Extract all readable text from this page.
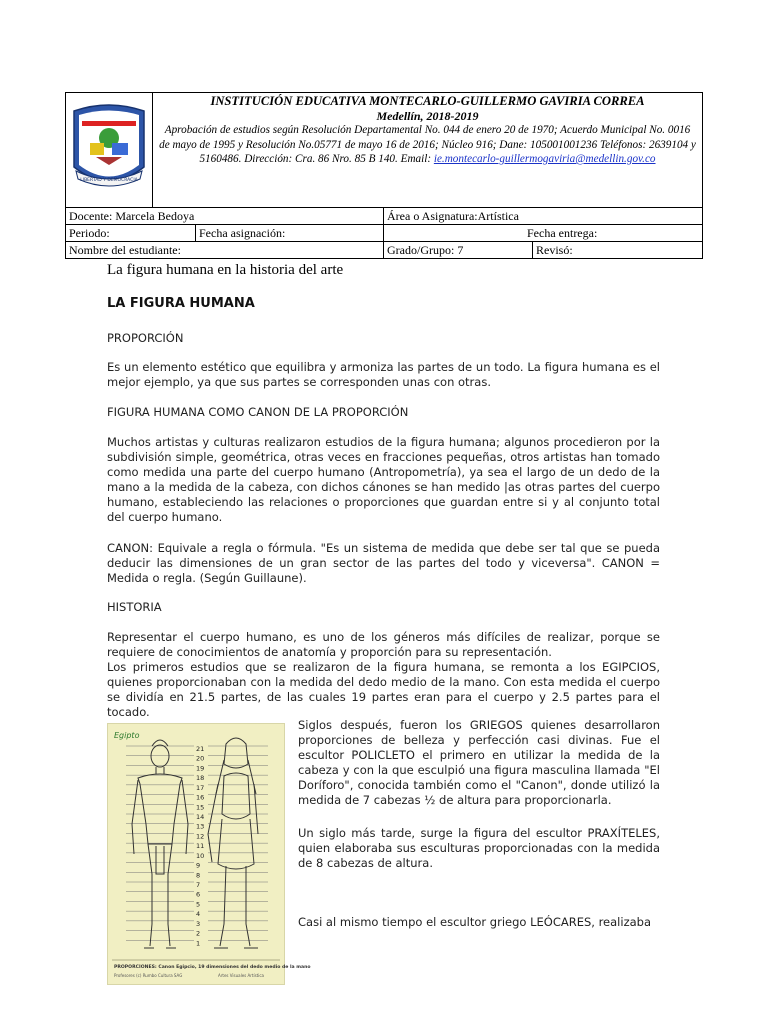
LIBERTAD Y DEMOCRACIA
INSTITUCIÓN EDUCATIVA MONTECARLO-GUILLERMO GAVIRIA CORREA
Medellín, 2018-2019
Aprobación de estudios según Resolución Departamental No. 044 de enero 20 de 1970; Acuerdo Municipal No. 0016 de mayo de 1995 y Resolución No.05771 de mayo 16 de 2016; Núcleo 916; Dane: 105001001236 Teléfonos: 2639104 y 5160486. Dirección: Cra. 86 Nro. 85 B 140. Email: ie.montecarlo-guillermogaviria@medellin.gov.co
Docente: Marcela Bedoya		Área o Asignatura:Artística	
Periodo:	Fecha asignación:	Fecha entrega:	
Nombre del estudiante:		Grado/Grupo: 7	Revisó:
La figura humana en la historia del arte
LA FIGURA HUMANA
PROPORCIÓN

Es un elemento estético que equilibra y armoniza las partes de un todo. La figura humana es el mejor ejemplo, ya que sus partes se corresponden unas con otras.

FIGURA HUMANA COMO CANON DE LA PROPORCIÓN

Muchos artistas y culturas realizaron estudios de la figura humana; algunos procedieron por la subdivisión simple, geométrica, otras veces en fracciones pequeñas, otros artistas han tomado como medida una parte del cuerpo humano (Antropometría), ya sea el largo de un dedo de la mano a la medida de la cabeza, con dichos cánones se han medido |as otras partes del cuerpo humano, estableciendo las relaciones o proporciones que guardan entre si y al conjunto total del cuerpo humano.

CANON: Equivale a regla o fórmula. "Es un sistema de medida que debe ser tal que se pueda deducir las dimensiones de un gran sector de las partes del todo y viceversa". CANON = Medida o regla. (Según Guillaune).

HISTORIA

Representar el cuerpo humano, es uno de los géneros más difíciles de realizar, porque se requiere de conocimientos de anatomía y proporción para su representación.

Los primeros estudios que se realizaron de la figura humana, se remonta a los EGIPCIOS, quienes proporcionaban con la medida del dedo medio de la mano. Con esta medida el cuerpo se dividía en 21.5 partes, de las cuales 19 partes eran para el cuerpo y 2.5 partes para el tocado.

Egipto
21
20
19
18
17
16
15
14
13
12
11
10
9
8
7
6
5
4
3
2
1
PROPORCIONES: Canon Egipcio, 19 dimensiones del dedo medio de la mano
Profesores (c) Rumbo Cultura SAG	Artes Visuales Artística

Siglos después, fueron los GRIEGOS quienes desarrollaron proporciones de belleza y perfección casi divinas. Fue el escultor POLICLETO el primero en utilizar la medida de la cabeza y con la que esculpió una figura masculina llamada "El Doríforo", conocida también como el "Canon", donde utilizó la medida de 7 cabezas ½ de altura para proporcionarla.

Un siglo más tarde, surge la figura del escultor PRAXÍTELES, quien elaboraba sus esculturas proporcionadas con la medida de 8 cabezas de altura.

Casi al mismo tiempo el escultor griego LEÓCARES, realizaba
